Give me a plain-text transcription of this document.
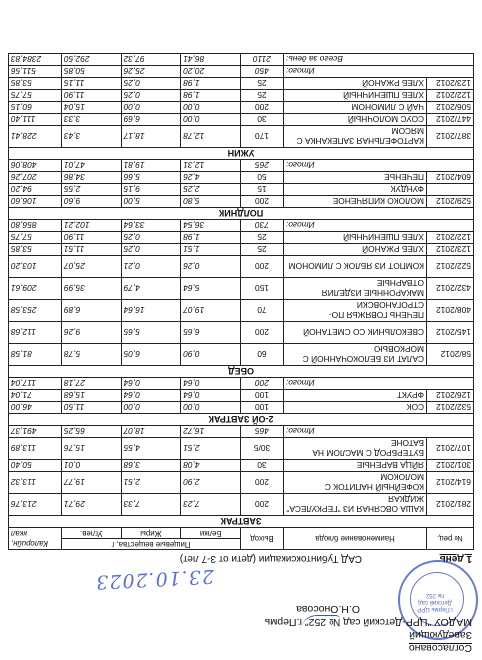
г.Пермь ЦРР Детский сад № 252
Согласовано
Заведующий
МАДОУ "ЦРР-Детский сад № 252" г.Пермь
О.Н.Оносова
23.10.2023
1 день
САД Тубинтоксикации (дети от 3-7 лет)
№ рец.	Наименование блюда	Выход	Пищевые вещества, г			Калорийн, ккал
			Белки	Жиры	Углев.	
ЗАВТРАК						
281/2012	КАША ОВСЯНАЯ ИЗ "ГЕРКУЛЕСА" ЖИДКАЯ	200	7,23	7,33	29,71	213,76
614/2012	КОФЕЙНЫЙ НАПИТОК С МОЛОКОМ	200	2,90	2,51	19,77	113,32
301/2012	ЯЙЦА ВАРЕНЫЕ	30	4,08	3,68	0,01	50,40
107/2012	БУТЕРБРОД С МАСЛОМ НА БАТОНЕ	30/5	2,51	4,55	15,76	113,89
Итого:		465	16,72	18,07	65,25	491,37
2-ОЙ ЗАВТРАК						
532/2012	СОК	100	0,00	0,00	11,50	46,00
126/2012	ФРУКТ	100	0,64	0,64	15,68	71,04
Итого:		200	0,64	0,64	27,18	117,04
ОБЕД						
58/2012	САЛАТ ИЗ БЕЛОКОЧАННОЙ С МОРКОВЬЮ	60	0,90	6,05	5,78	81,58
145/2012	СВЕКОЛЬНИК СО СМЕТАНОЙ	200	6,65	5,65	9,26	112,68
408/2012	ПЕЧЕНЬ ГОВЯЖЬЯ ПО-СТРОГАНОВСКИ	70	19,07	16,64	6,89	253,58
432/2012	МАКАРОННЫЕ ИЗДЕЛИЯ ОТВАРНЫЕ	150	5,64	4,79	35,99	209,61
522/2012	КОМПОТ ИЗ ЯБЛОК С ЛИМОНОМ	200	0,26	0,21	25,07	103,20
123/2012	ХЛЕБ РЖАНОЙ	25	1,51	0,25	11,51	53,85
122/2012	ХЛЕБ ПШЕНИЧНЫЙ	25	1,98	0,25	11,90	57,75
Итого:		730	36,54	33,64	102,21	856,80
ПОЛДНИК						
529/2012	МОЛОКО КИПЯЧЕНОЕ	200	5,80	5,00	9,60	106,60
	ФУНДУК	15	2,25	9,15	2,55	94,20
604/2012	ПЕЧЕНЬЕ	50	4,26	5,66	34,86	207,26
Итого:		265	12,31	19,81	47,01	408,06
УЖИН						
387/2012	КАРТОФЕЛЬНАЯ ЗАПЕКАНКА С МЯСОМ	170	12,78	18,17	3,43	228,41
447/2012	СОУС МОЛОЧНЫЙ	30	0,00	6,69	3,33	111,40
506/2012	ЧАЙ С ЛИМОНОМ	200	0,00	0,00	15,04	60,15
122/2012	ХЛЕБ ПШЕНИЧНЫЙ	25	1,98	0,25	11,90	57,75
123/2012	ХЛЕБ РЖАНОЙ	25	1,98	0,25	11,15	53,85
Итого:		450	20,20	25,26	50,85	511,56
Всего за день:		2110	86,41	97,32	292,50	2384,83
